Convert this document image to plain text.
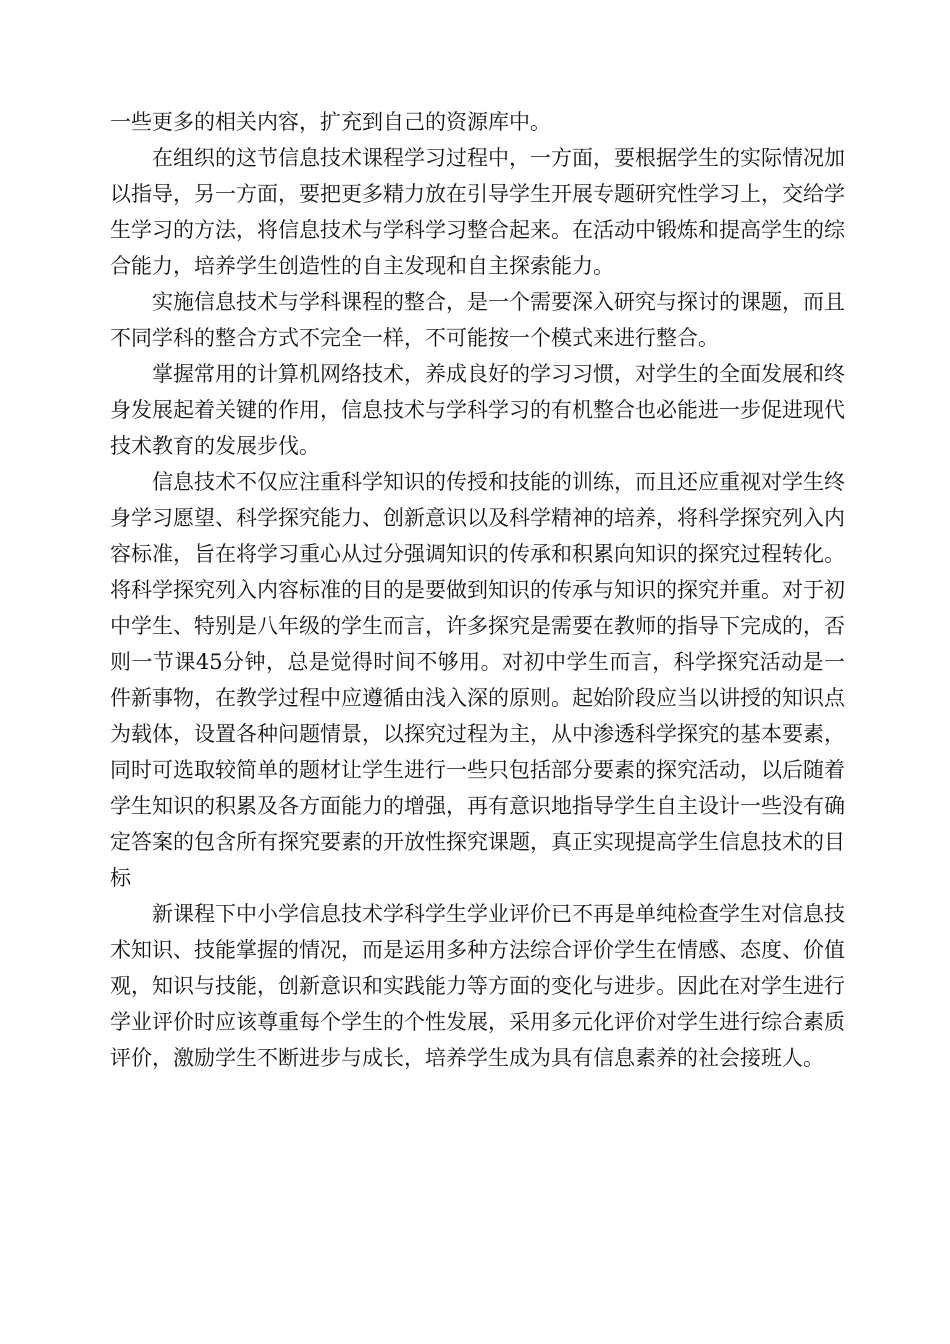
一些更多的相关内容，扩充到自己的资源库中。

在组织的这节信息技术课程学习过程中，一方面，要根据学生的实际情况加以指导，另一方面，要把更多精力放在引导学生开展专题研究性学习上，交给学生学习的方法，将信息技术与学科学习整合起来。在活动中锻炼和提高学生的综合能力，培养学生创造性的自主发现和自主探索能力。

实施信息技术与学科课程的整合，是一个需要深入研究与探讨的课题，而且不同学科的整合方式不完全一样，不可能按一个模式来进行整合。

掌握常用的计算机网络技术，养成良好的学习习惯，对学生的全面发展和终身发展起着关键的作用，信息技术与学科学习的有机整合也必能进一步促进现代技术教育的发展步伐。

信息技术不仅应注重科学知识的传授和技能的训练，而且还应重视对学生终身学习愿望、科学探究能力、创新意识以及科学精神的培养，将科学探究列入内容标准，旨在将学习重心从过分强调知识的传承和积累向知识的探究过程转化。将科学探究列入内容标准的目的是要做到知识的传承与知识的探究并重。对于初中学生、特别是八年级的学生而言，许多探究是需要在教师的指导下完成的，否则一节课45分钟，总是觉得时间不够用。对初中学生而言，科学探究活动是一件新事物，在教学过程中应遵循由浅入深的原则。起始阶段应当以讲授的知识点为载体，设置各种问题情景，以探究过程为主，从中渗透科学探究的基本要素，同时可选取较简单的题材让学生进行一些只包括部分要素的探究活动，以后随着学生知识的积累及各方面能力的增强，再有意识地指导学生自主设计一些没有确定答案的包含所有探究要素的开放性探究课题，真正实现提高学生信息技术的目标

新课程下中小学信息技术学科学生学业评价已不再是单纯检查学生对信息技术知识、技能掌握的情况，而是运用多种方法综合评价学生在情感、态度、价值观，知识与技能，创新意识和实践能力等方面的变化与进步。因此在对学生进行学业评价时应该尊重每个学生的个性发展，采用多元化评价对学生进行综合素质评价，激励学生不断进步与成长，培养学生成为具有信息素养的社会接班人。
